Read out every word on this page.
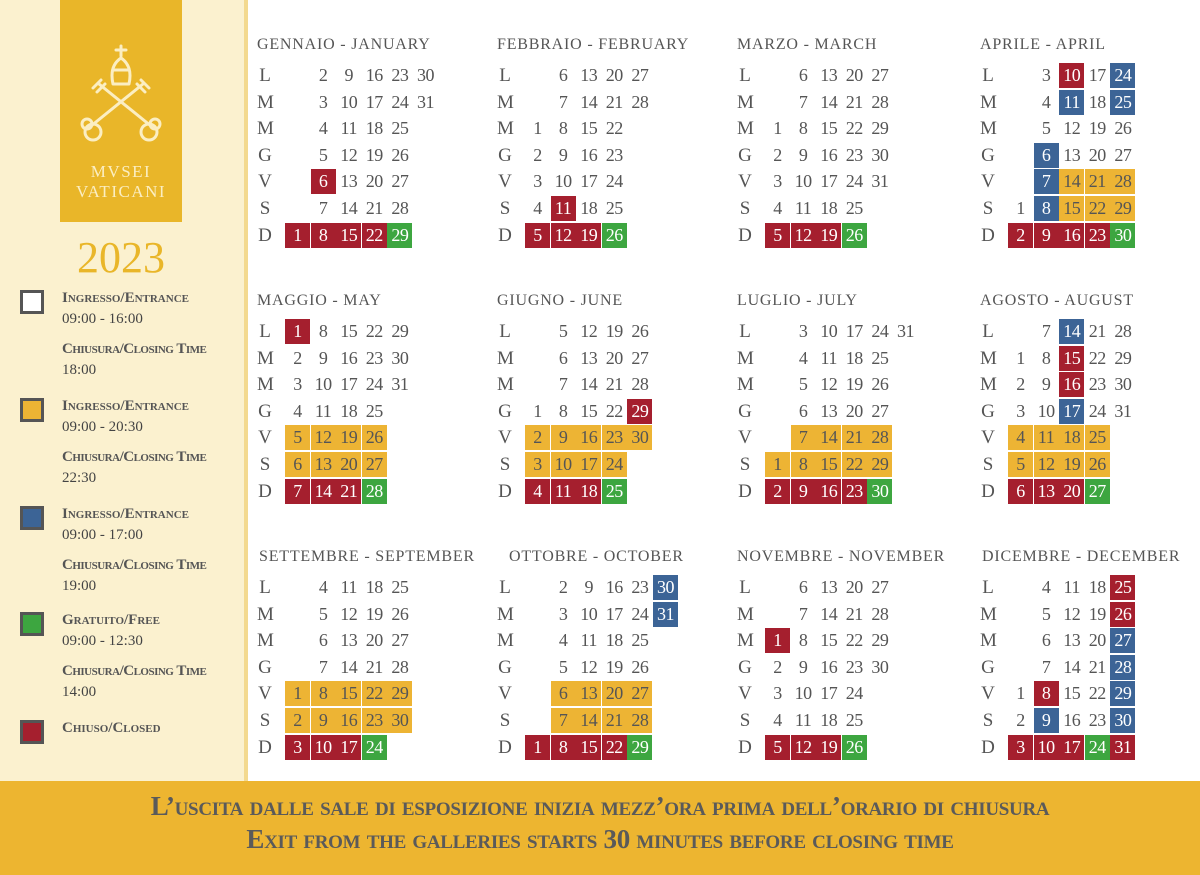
MVSEI
VATICANI
2023
Ingresso/Entrance
09:00 - 16:00
Chiusura/Closing Time
18:00
Ingresso/Entrance
09:00 - 20:30
Chiusura/Closing Time
22:30
Ingresso/Entrance
09:00 - 17:00
Chiusura/Closing Time
19:00
Gratuito/Free
09:00 - 12:30
Chiusura/Closing Time
14:00
Chiuso/Closed
GENNAIO - JANUARY
L	2 9 16 23 30
M	3 10 17 24 31
M	4 11 18 25
G	5 12 19 26
V	6 13 20 27
S	7 14 21 28
D	1 8 15 22 29
FEBBRAIO - FEBRUARY
L	6 13 20 27
M	7 14 21 28
M	1 8 15 22
G	2 9 16 23
V	3 10 17 24
S	4 11 18 25
D	5 12 19 26
MARZO - MARCH
L	6 13 20 27
M	7 14 21 28
M	1 8 15 22 29
G	2 9 16 23 30
V	3 10 17 24 31
S	4 11 18 25
D	5 12 19 26
APRILE - APRIL
L	3 10 17 24
M	4 11 18 25
M	5 12 19 26
G	6 13 20 27
V	7 14 21 28
S	1 8 15 22 29
D	2 9 16 23 30
MAGGIO - MAY
L	1 8 15 22 29
M	2 9 16 23 30
M	3 10 17 24 31
G	4 11 18 25
V	5 12 19 26
S	6 13 20 27
D	7 14 21 28
GIUGNO - JUNE
L	5 12 19 26
M	6 13 20 27
M	7 14 21 28
G	1 8 15 22 29
V	2 9 16 23 30
S	3 10 17 24
D	4 11 18 25
LUGLIO - JULY
L	3 10 17 24 31
M	4 11 18 25
M	5 12 19 26
G	6 13 20 27
V	7 14 21 28
S	1 8 15 22 29
D	2 9 16 23 30
AGOSTO - AUGUST
L	7 14 21 28
M	1 8 15 22 29
M	2 9 16 23 30
G	3 10 17 24 31
V	4 11 18 25
S	5 12 19 26
D	6 13 20 27
SETTEMBRE - SEPTEMBER
L	4 11 18 25
M	5 12 19 26
M	6 13 20 27
G	7 14 21 28
V	1 8 15 22 29
S	2 9 16 23 30
D	3 10 17 24
OTTOBRE - OCTOBER
L	2 9 16 23 30
M	3 10 17 24 31
M	4 11 18 25
G	5 12 19 26
V	6 13 20 27
S	7 14 21 28
D	1 8 15 22 29
NOVEMBRE - NOVEMBER
L	6 13 20 27
M	7 14 21 28
M	1 8 15 22 29
G	2 9 16 23 30
V	3 10 17 24
S	4 11 18 25
D	5 12 19 26
DICEMBRE - DECEMBER
L	4 11 18 25
M	5 12 19 26
M	6 13 20 27
G	7 14 21 28
V	1 8 15 22 29
S	2 9 16 23 30
D	3 10 17 24 31
L’uscita dalle sale di esposizione inizia mezz’ora prima dell’orario di chiusura
Exit from the galleries starts 30 minutes before closing time
